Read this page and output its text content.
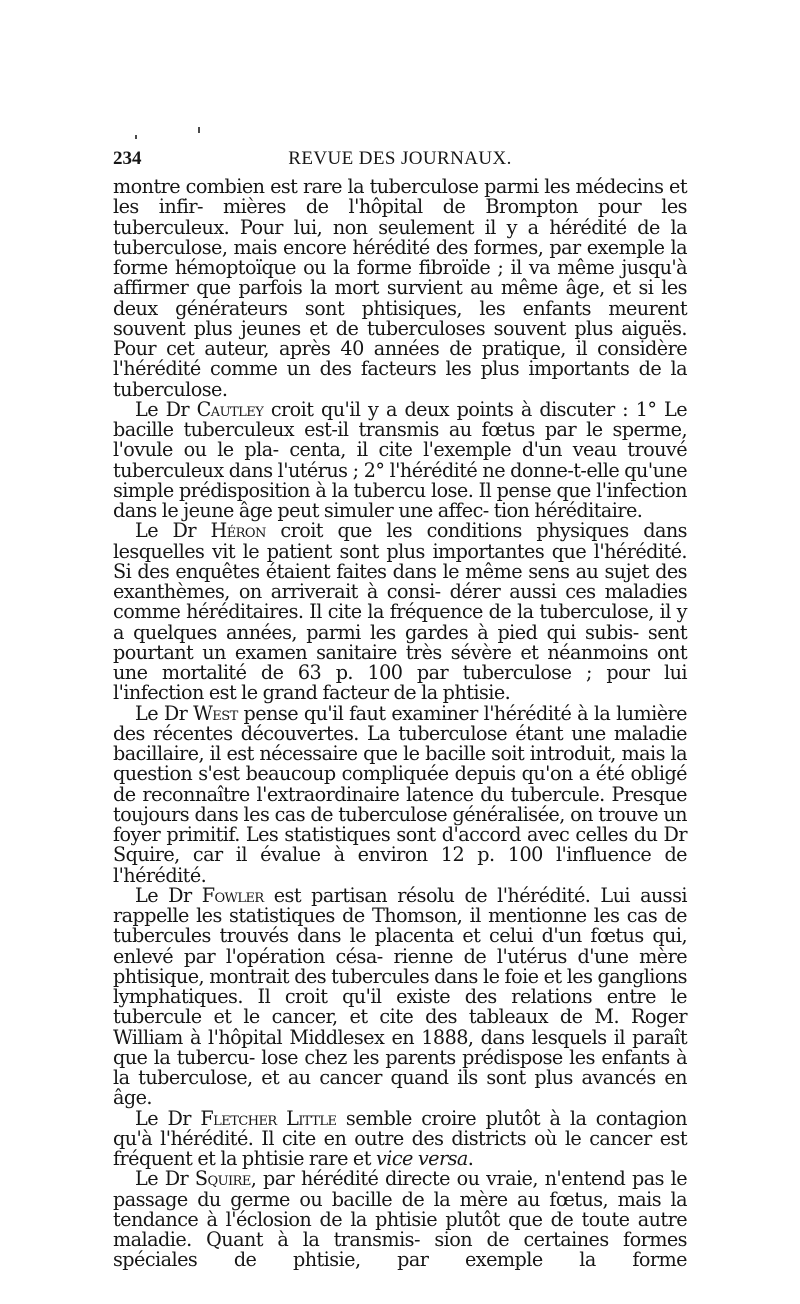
234	REVUE DES JOURNAUX.

montre combien est rare la tuberculose parmi les médecins et les infir- mières de l'hôpital de Brompton pour les tuberculeux. Pour lui, non seulement il y a hérédité de la tuberculose, mais encore hérédité des formes, par exemple la forme hémoptoïque ou la forme fibroïde ; il va même jusqu'à affirmer que parfois la mort survient au même âge, et si les deux générateurs sont phtisiques, les enfants meurent souvent plus jeunes et de tuberculoses souvent plus aiguës. Pour cet auteur, après 40 années de pratique, il considère l'hérédité comme un des facteurs les plus importants de la tuberculose.

Le Dr Cautley croit qu'il y a deux points à discuter : 1° Le bacille tuberculeux est-il transmis au fœtus par le sperme, l'ovule ou le pla- centa, il cite l'exemple d'un veau trouvé tuberculeux dans l'utérus ; 2° l'hérédité ne donne-t-elle qu'une simple prédisposition à la tubercu lose. Il pense que l'infection dans le jeune âge peut simuler une affec- tion héréditaire.

Le Dr Héron croit que les conditions physiques dans lesquelles vit le patient sont plus importantes que l'hérédité. Si des enquêtes étaient faites dans le même sens au sujet des exanthèmes, on arriverait à consi- dérer aussi ces maladies comme héréditaires. Il cite la fréquence de la tuberculose, il y a quelques années, parmi les gardes à pied qui subis- sent pourtant un examen sanitaire très sévère et néanmoins ont une mortalité de 63 p. 100 par tuberculose ; pour lui l'infection est le grand facteur de la phtisie.

Le Dr West pense qu'il faut examiner l'hérédité à la lumière des récentes découvertes. La tuberculose étant une maladie bacillaire, il est nécessaire que le bacille soit introduit, mais la question s'est beaucoup compliquée depuis qu'on a été obligé de reconnaître l'extraordinaire latence du tubercule. Presque toujours dans les cas de tuberculose généralisée, on trouve un foyer primitif. Les statistiques sont d'accord avec celles du Dr Squire, car il évalue à environ 12 p. 100 l'influence de l'hérédité.

Le Dr Fowler est partisan résolu de l'hérédité. Lui aussi rappelle les statistiques de Thomson, il mentionne les cas de tubercules trouvés dans le placenta et celui d'un fœtus qui, enlevé par l'opération césa- rienne de l'utérus d'une mère phtisique, montrait des tubercules dans le foie et les ganglions lymphatiques. Il croit qu'il existe des relations entre le tubercule et le cancer, et cite des tableaux de M. Roger William à l'hôpital Middlesex en 1888, dans lesquels il paraît que la tubercu- lose chez les parents prédispose les enfants à la tuberculose, et au cancer quand ils sont plus avancés en âge.

Le Dr Fletcher Little semble croire plutôt à la contagion qu'à l'hérédité. Il cite en outre des districts où le cancer est fréquent et la phtisie rare et vice versa.

Le Dr Squire, par hérédité directe ou vraie, n'entend pas le passage du germe ou bacille de la mère au fœtus, mais la tendance à l'éclosion de la phtisie plutôt que de toute autre maladie. Quant à la transmis- sion de certaines formes spéciales de phtisie, par exemple la forme
